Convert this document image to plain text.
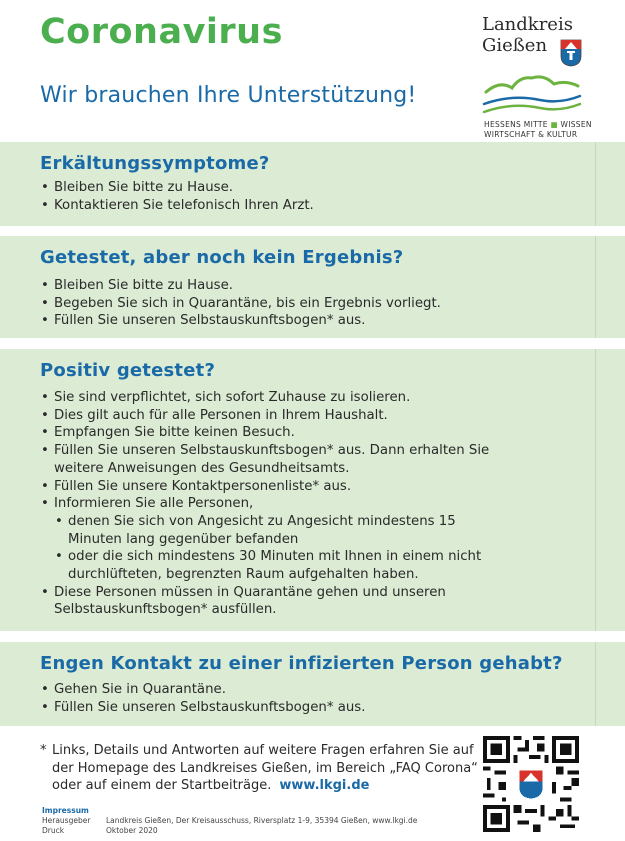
Coronavirus
Wir brauchen Ihre Unterstützung!
Landkreis
Gießen
HESSENS MITTE ■ WISSEN
WIRTSCHAFT & KULTUR
Erkältungssymptome?
• Bleiben Sie bitte zu Hause.
• Kontaktieren Sie telefonisch Ihren Arzt.
Getestet, aber noch kein Ergebnis?
• Bleiben Sie bitte zu Hause.
• Begeben Sie sich in Quarantäne, bis ein Ergebnis vorliegt.
• Füllen Sie unseren Selbstauskunftsbogen* aus.
Positiv getestet?
• Sie sind verpflichtet, sich sofort Zuhause zu isolieren.
• Dies gilt auch für alle Personen in Ihrem Haushalt.
• Empfangen Sie bitte keinen Besuch.
• Füllen Sie unseren Selbstauskunftsbogen* aus. Dann erhalten Sie weitere Anweisungen des Gesundheitsamts.
• Füllen Sie unsere Kontaktpersonenliste* aus.
• Informieren Sie alle Personen,
• denen Sie sich von Angesicht zu Angesicht mindestens 15 Minuten lang gegenüber befanden
• oder die sich mindestens 30 Minuten mit Ihnen in einem nicht durchlüfteten, begrenzten Raum aufgehalten haben.
• Diese Personen müssen in Quarantäne gehen und unseren Selbstauskunftsbogen* ausfüllen.
Engen Kontakt zu einer infizierten Person gehabt?
• Gehen Sie in Quarantäne.
• Füllen Sie unseren Selbstauskunftsbogen* aus.
* Links, Details und Antworten auf weitere Fragen erfahren Sie auf der Homepage des Landkreises Gießen, im Bereich „FAQ Corona“ oder auf einem der Startbeiträge. www.lkgi.de
Impressum
Herausgeber	Landkreis Gießen, Der Kreisausschuss, Riversplatz 1-9, 35394 Gießen, www.lkgi.de
Druck	Oktober 2020
